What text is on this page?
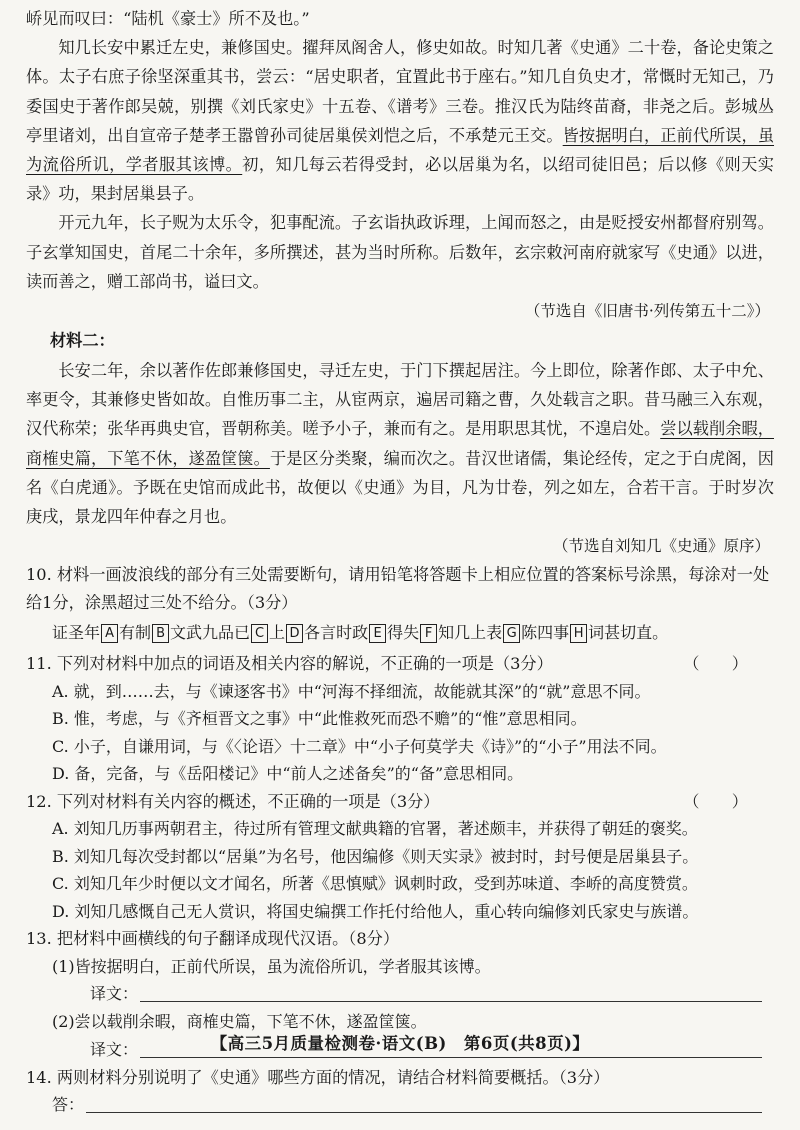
峤见而叹曰：“陆机《豪士》所不及也。”

知几长安中累迁左史，兼修国史。擢拜凤阁舍人，修史如故。时知几著《史通》二十卷，备论史策之体。太子右庶子徐坚深重其书，尝云：“居史职者，宜置此书于座右。”知几自负史才，常慨时无知己，乃委国史于著作郎吴兢，别撰《刘氏家史》十五卷、《谱考》三卷。推汉氏为陆终苗裔，非尧之后。彭城丛亭里诸刘，出自宣帝子楚孝王嚣曾孙司徒居巢侯刘恺之后，不承楚元王交。皆按据明白，正前代所误，虽为流俗所讥，学者服其该博。初，知几每云若得受封，必以居巢为名，以绍司徒旧邑；后以修《则天实录》功，果封居巢县子。

开元九年，长子贶为太乐令，犯事配流。子玄诣执政诉理，上闻而怒之，由是贬授安州都督府别驾。子玄掌知国史，首尾二十余年，多所撰述，甚为当时所称。后数年，玄宗敕河南府就家写《史通》以进，读而善之，赠工部尚书，谥曰文。

（节选自《旧唐书·列传第五十二》）

材料二：

长安二年，余以著作佐郎兼修国史，寻迁左史，于门下撰起居注。今上即位，除著作郎、太子中允、率更令，其兼修史皆如故。自惟历事二主，从宦两京，遍居司籍之曹，久处载言之职。昔马融三入东观，汉代称荣；张华再典史官，晋朝称美。嗟予小子，兼而有之。是用职思其忧，不遑启处。尝以载削余暇，商榷史篇，下笔不休，遂盈筐箧。于是区分类聚，编而次之。昔汉世诸儒，集论经传，定之于白虎阁，因名《白虎通》。予既在史馆而成此书，故便以《史通》为目，凡为廿卷，列之如左，合若干言。于时岁次庚戌，景龙四年仲春之月也。

（节选自刘知几《史通》原序）

10. 材料一画波浪线的部分有三处需要断句，请用铅笔将答题卡上相应位置的答案标号涂黑，每涂对一处给1分，涂黑超过三处不给分。（3分）

证圣年 A 有制 B 文武九品已 C 上 D 各言时政 E 得失 F 知几上表 G 陈四事 H 词甚切直。

11. 下列对材料中加点的词语及相关内容的解说，不正确的一项是（3分）	（　　）

A. 就，到……去，与《谏逐客书》中“河海不择细流，故能就其深”的“就”意思不同。

B. 惟，考虑，与《齐桓晋文之事》中“此惟救死而恐不赡”的“惟”意思相同。

C. 小子，自谦用词，与《〈论语〉十二章》中“小子何莫学夫《诗》”的“小子”用法不同。

D. 备，完备，与《岳阳楼记》中“前人之述备矣”的“备”意思相同。

12. 下列对材料有关内容的概述，不正确的一项是（3分）	（　　）

A. 刘知几历事两朝君主，待过所有管理文献典籍的官署，著述颇丰，并获得了朝廷的褒奖。

B. 刘知几每次受封都以“居巢”为名号，他因编修《则天实录》被封时，封号便是居巢县子。

C. 刘知几年少时便以文才闻名，所著《思慎赋》讽刺时政，受到苏味道、李峤的高度赞赏。

D. 刘知几感慨自己无人赏识，将国史编撰工作托付给他人，重心转向编修刘氏家史与族谱。

13. 把材料中画横线的句子翻译成现代汉语。（8分）

(1)皆按据明白，正前代所误，虽为流俗所讥，学者服其该博。

译文：

(2)尝以载削余暇，商榷史篇，下笔不休，遂盈筐箧。

译文：

14. 两则材料分别说明了《史通》哪些方面的情况，请结合材料简要概括。（3分）

答：
【高三5月质量检测卷·语文(B)　第6页(共8页)】
